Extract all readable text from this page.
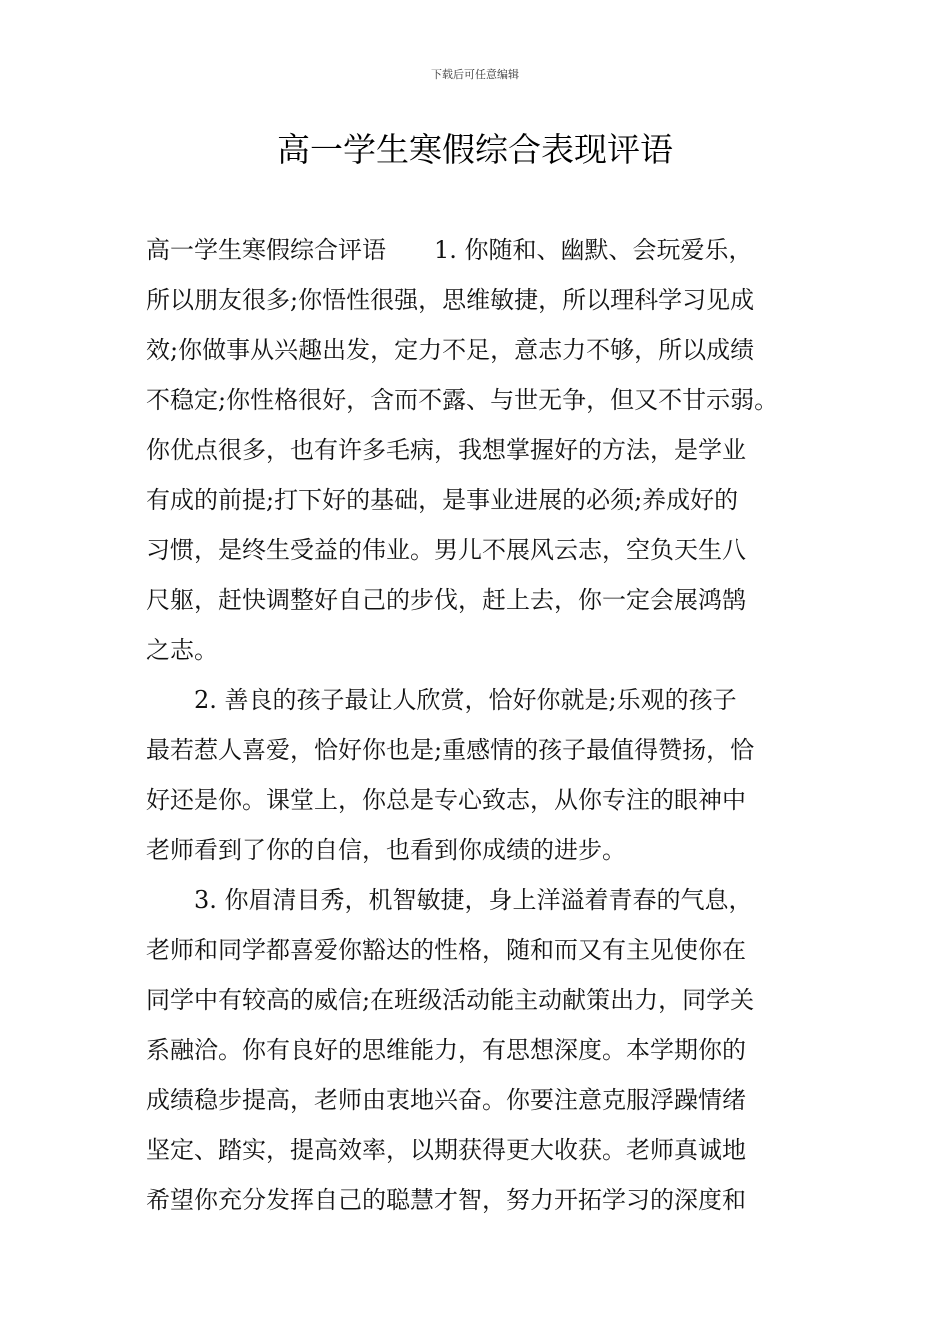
下载后可任意编辑
高一学生寒假综合表现评语
高一学生寒假综合评语　　1. 你随和、幽默、会玩爱乐，
所以朋友很多;你悟性很强，思维敏捷，所以理科学习见成
效;你做事从兴趣出发，定力不足，意志力不够，所以成绩
不稳定;你性格很好，含而不露、与世无争，但又不甘示弱。
你优点很多，也有许多毛病，我想掌握好的方法，是学业
有成的前提;打下好的基础，是事业进展的必须;养成好的
习惯，是终生受益的伟业。男儿不展风云志，空负天生八
尺躯，赶快调整好自己的步伐，赶上去，你一定会展鸿鹄
之志。
2. 善良的孩子最让人欣赏，恰好你就是;乐观的孩子
最若惹人喜爱，恰好你也是;重感情的孩子最值得赞扬，恰
好还是你。课堂上，你总是专心致志，从你专注的眼神中
老师看到了你的自信，也看到你成绩的进步。
3. 你眉清目秀，机智敏捷，身上洋溢着青春的气息，
老师和同学都喜爱你豁达的性格，随和而又有主见使你在
同学中有较高的威信;在班级活动能主动献策出力，同学关
系融洽。你有良好的思维能力，有思想深度。本学期你的
成绩稳步提高，老师由衷地兴奋。你要注意克服浮躁情绪
坚定、踏实，提高效率，以期获得更大收获。老师真诚地
希望你充分发挥自己的聪慧才智，努力开拓学习的深度和
